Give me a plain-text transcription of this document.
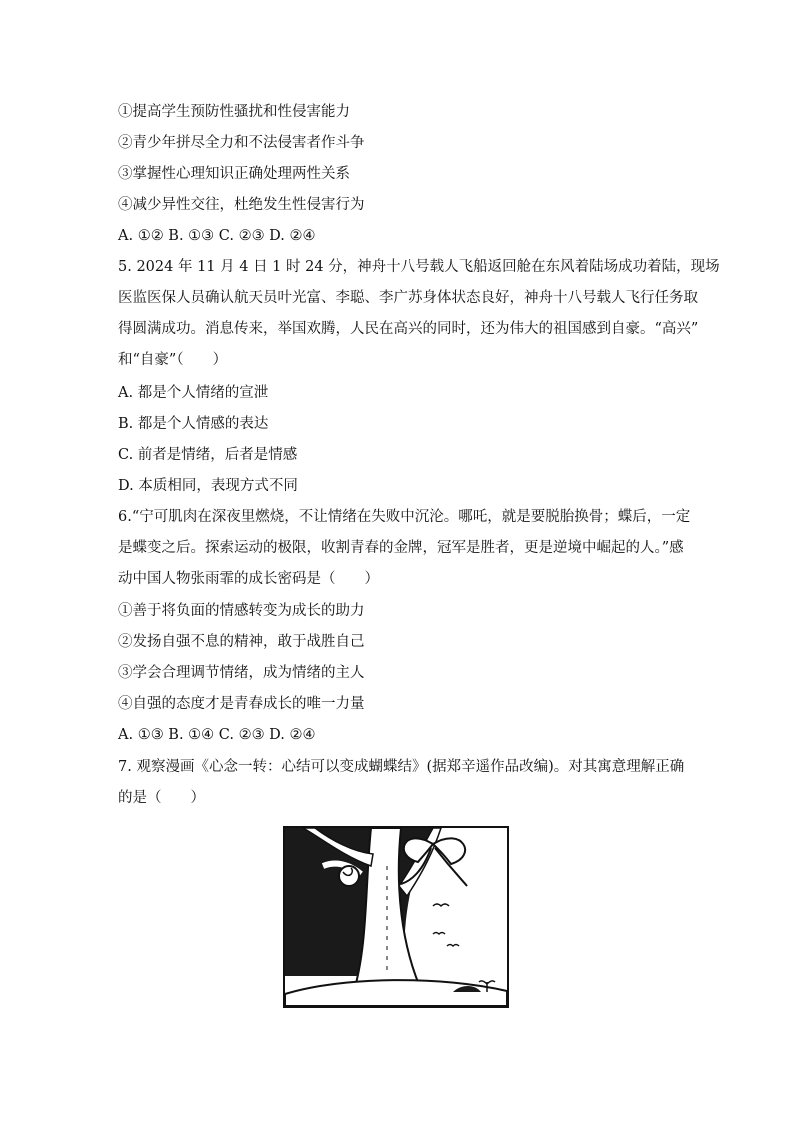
①提高学生预防性骚扰和性侵害能力
②青少年拼尽全力和不法侵害者作斗争
③掌握性心理知识正确处理两性关系
④减少异性交往，杜绝发生性侵害行为
A. ①② B. ①③ C. ②③ D. ②④
5. 2024 年 11 月 4 日 1 时 24 分，神舟十八号载人飞船返回舱在东风着陆场成功着陆，现场
医监医保人员确认航天员叶光富、李聪、李广苏身体状态良好，神舟十八号载人飞行任务取
得圆满成功。消息传来，举国欢腾，人民在高兴的同时，还为伟大的祖国感到自豪。“高兴”
和“自豪”（　　）
A. 都是个人情绪的宣泄
B. 都是个人情感的表达
C. 前者是情绪，后者是情感
D. 本质相同，表现方式不同
6.“宁可肌肉在深夜里燃烧，不让情绪在失败中沉沦。哪吒，就是要脱胎换骨；蝶后，一定
是蝶变之后。探索运动的极限，收割青春的金牌，冠军是胜者，更是逆境中崛起的人。”感
动中国人物张雨霏的成长密码是（　　）
①善于将负面的情感转变为成长的助力
②发扬自强不息的精神，敢于战胜自己
③学会合理调节情绪，成为情绪的主人
④自强的态度才是青春成长的唯一力量
A. ①③ B. ①④ C. ②③ D. ②④
7. 观察漫画《心念一转：心结可以变成蝴蝶结》(据郑辛遥作品改编)。对其寓意理解正确
的是（　　）
